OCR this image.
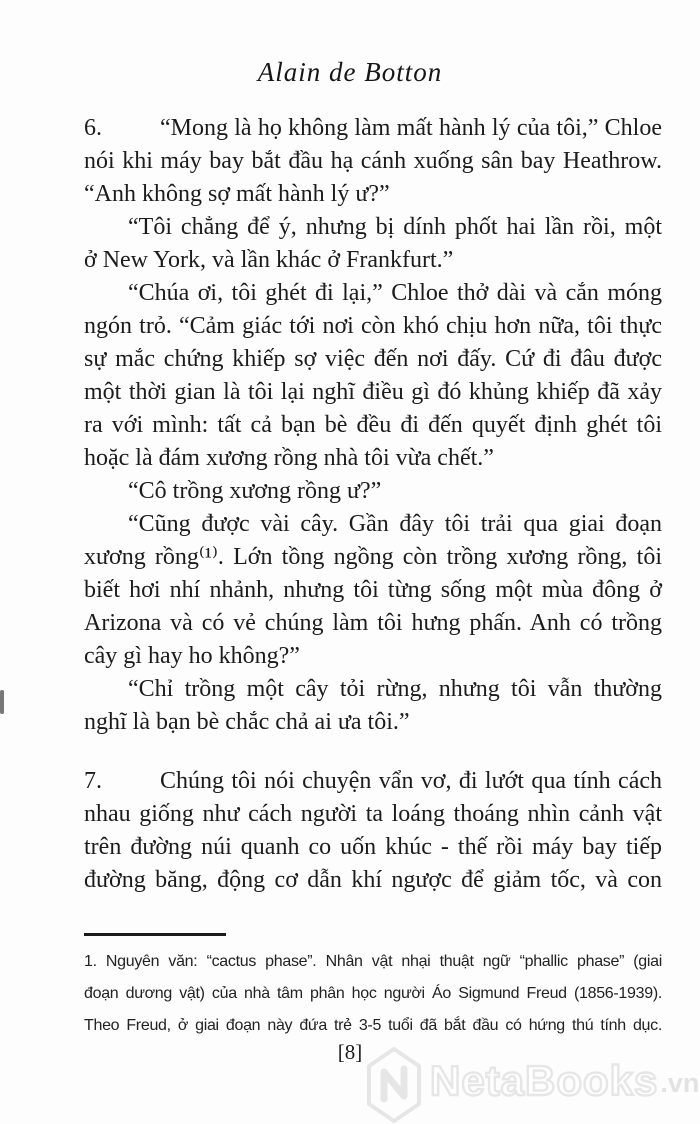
Alain de Botton
6. “Mong là họ không làm mất hành lý của tôi,” Chloe
nói khi máy bay bắt đầu hạ cánh xuống sân bay Heathrow.
“Anh không sợ mất hành lý ư?”
“Tôi chẳng để ý, nhưng bị dính phốt hai lần rồi, một
ở New York, và lần khác ở Frankfurt.”
“Chúa ơi, tôi ghét đi lại,” Chloe thở dài và cắn móng
ngón trỏ. “Cảm giác tới nơi còn khó chịu hơn nữa, tôi thực
sự mắc chứng khiếp sợ việc đến nơi đấy. Cứ đi đâu được
một thời gian là tôi lại nghĩ điều gì đó khủng khiếp đã xảy
ra với mình: tất cả bạn bè đều đi đến quyết định ghét tôi
hoặc là đám xương rồng nhà tôi vừa chết.”
“Cô trồng xương rồng ư?”
“Cũng được vài cây. Gần đây tôi trải qua giai đoạn
xương rồng⁽¹⁾. Lớn tồng ngồng còn trồng xương rồng, tôi
biết hơi nhí nhảnh, nhưng tôi từng sống một mùa đông ở
Arizona và có vẻ chúng làm tôi hưng phấn. Anh có trồng
cây gì hay ho không?”
“Chỉ trồng một cây tỏi rừng, nhưng tôi vẫn thường
nghĩ là bạn bè chắc chả ai ưa tôi.”
7. Chúng tôi nói chuyện vẩn vơ, đi lướt qua tính cách
nhau giống như cách người ta loáng thoáng nhìn cảnh vật
trên đường núi quanh co uốn khúc - thế rồi máy bay tiếp
đường băng, động cơ dẫn khí ngược để giảm tốc, và con
1. Nguyên văn: “cactus phase”. Nhân vật nhại thuật ngữ “phallic phase” (giai
đoạn dương vật) của nhà tâm phân học người Áo Sigmund Freud (1856-1939).
Theo Freud, ở giai đoạn này đứa trẻ 3-5 tuổi đã bắt đầu có hứng thú tính dục.
[8]
NetaBooks .vn
